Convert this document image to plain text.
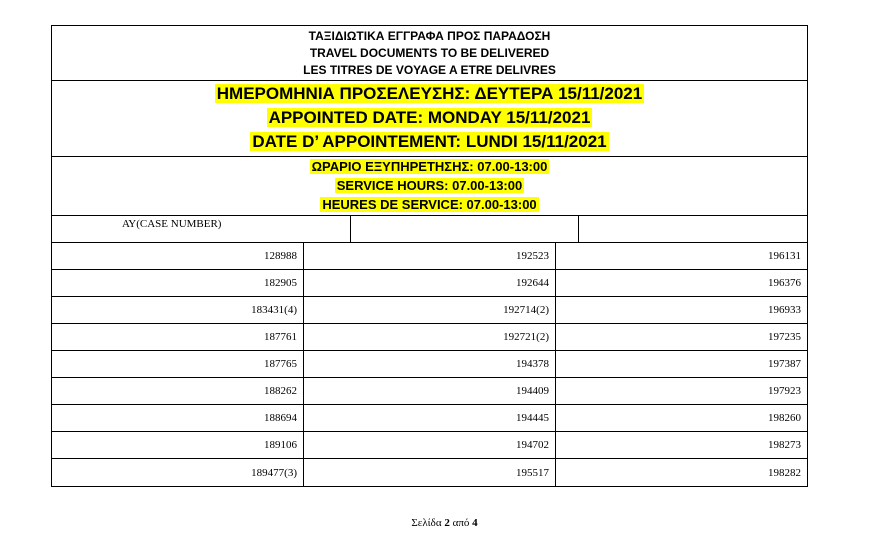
ΤΑΞΙΔΙΩΤΙΚΑ ΕΓΓΡΑΦΑ ΠΡΟΣ ΠΑΡΑΔΟΣΗ
TRAVEL DOCUMENTS TO BE DELIVERED
LES TITRES DE VOYAGE A ETRE DELIVRES
ΗΜΕΡΟΜΗΝΙΑ ΠΡΟΣΕΛΕΥΣΗΣ: ΔΕΥΤΕΡΑ 15/11/2021
APPOINTED DATE: MONDAY 15/11/2021
DATE D’ APPOINTEMENT: LUNDI 15/11/2021
ΩΡΑΡΙΟ ΕΞΥΠΗΡΕΤΗΣΗΣ: 07.00-13:00
SERVICE HOURS: 07.00-13:00
HEURES DE SERVICE: 07.00-13:00
ΑΥ(CASE NUMBER)
128988	192523	196131
182905	192644	196376
183431(4)	192714(2)	196933
187761	192721(2)	197235
187765	194378	197387
188262	194409	197923
188694	194445	198260
189106	194702	198273
189477(3)	195517	198282
Σελίδα 2 από 4
